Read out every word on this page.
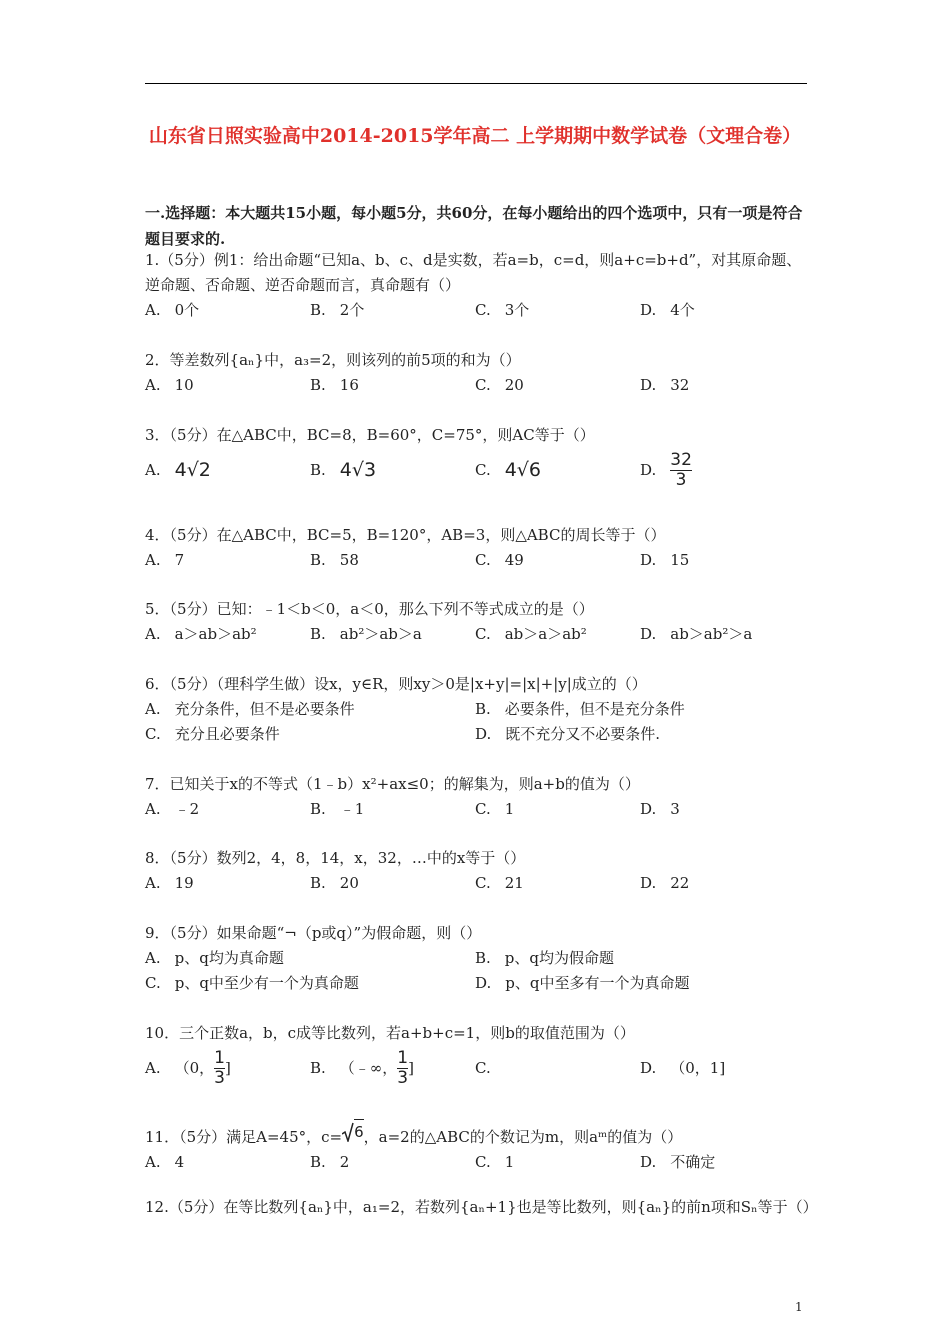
山东省日照实验高中2014-2015学年高二 上学期期中数学试卷（文理合卷）
一.选择题：本大题共15小题，每小题5分，共60分，在每小题给出的四个选项中，只有一项是符合题目要求的.
1.（5分）例1：给出命题“已知a、b、c、d是实数，若a=b，c=d，则a+c=b+d”，对其原命题、逆命题、否命题、逆否命题而言，真命题有（）
A. 0个	B. 2个	C. 3个	D. 4个
2．等差数列{aₙ}中，a₃=2，则该列的前5项的和为（）
A. 10	B. 16	C. 20	D. 32
3．（5分）在△ABC中，BC=8，B=60°，C=75°，则AC等于（）
A. 4√2	B. 4√3	C. 4√6	D. $\frac{32}{3}$
4．（5分）在△ABC中，BC=5，B=120°，AB=3，则△ABC的周长等于（）
A. 7	B. 58	C. 49	D. 15
5．（5分）已知：﹣1＜b＜0，a＜0，那么下列不等式成立的是（）
A. a＞ab＞ab²	B. ab²＞ab＞a	C. ab＞a＞ab²	D. ab＞ab²＞a
6．（5分）（理科学生做）设x，y∈R，则xy＞0是|x+y|=|x|+|y|成立的（）
A. 充分条件，但不是必要条件	B. 必要条件，但不是充分条件
C. 充分且必要条件	D. 既不充分又不必要条件.
7．已知关于x的不等式（1﹣b）x²+ax≤0；的解集为，则a+b的值为（）
A. ﹣2	B. ﹣1	C. 1	D. 3
8．（5分）数列2，4，8，14，x，32，…中的x等于（）
A. 19	B. 20	C. 21	D. 22
9．（5分）如果命题“¬（p或q）”为假命题，则（）
A. p、q均为真命题	B. p、q均为假命题
C. p、q中至少有一个为真命题	D. p、q中至多有一个为真命题
10．三个正数a，b，c成等比数列，若a+b+c=1，则b的取值范围为（）
A. （0， $\frac{1}{3}$ ]	B. （﹣∞， $\frac{1}{3}$ ]	C.	D. （0，1]
11．（5分）满足A=45°，c= 6 ，a=2的△ABC的个数记为m，则aᵐ的值为（）
A. 4	B. 2	C. 1	D. 不确定
12.（5分）在等比数列{aₙ}中，a₁=2，若数列{aₙ+1}也是等比数列，则{aₙ}的前n项和Sₙ等于（）
1
